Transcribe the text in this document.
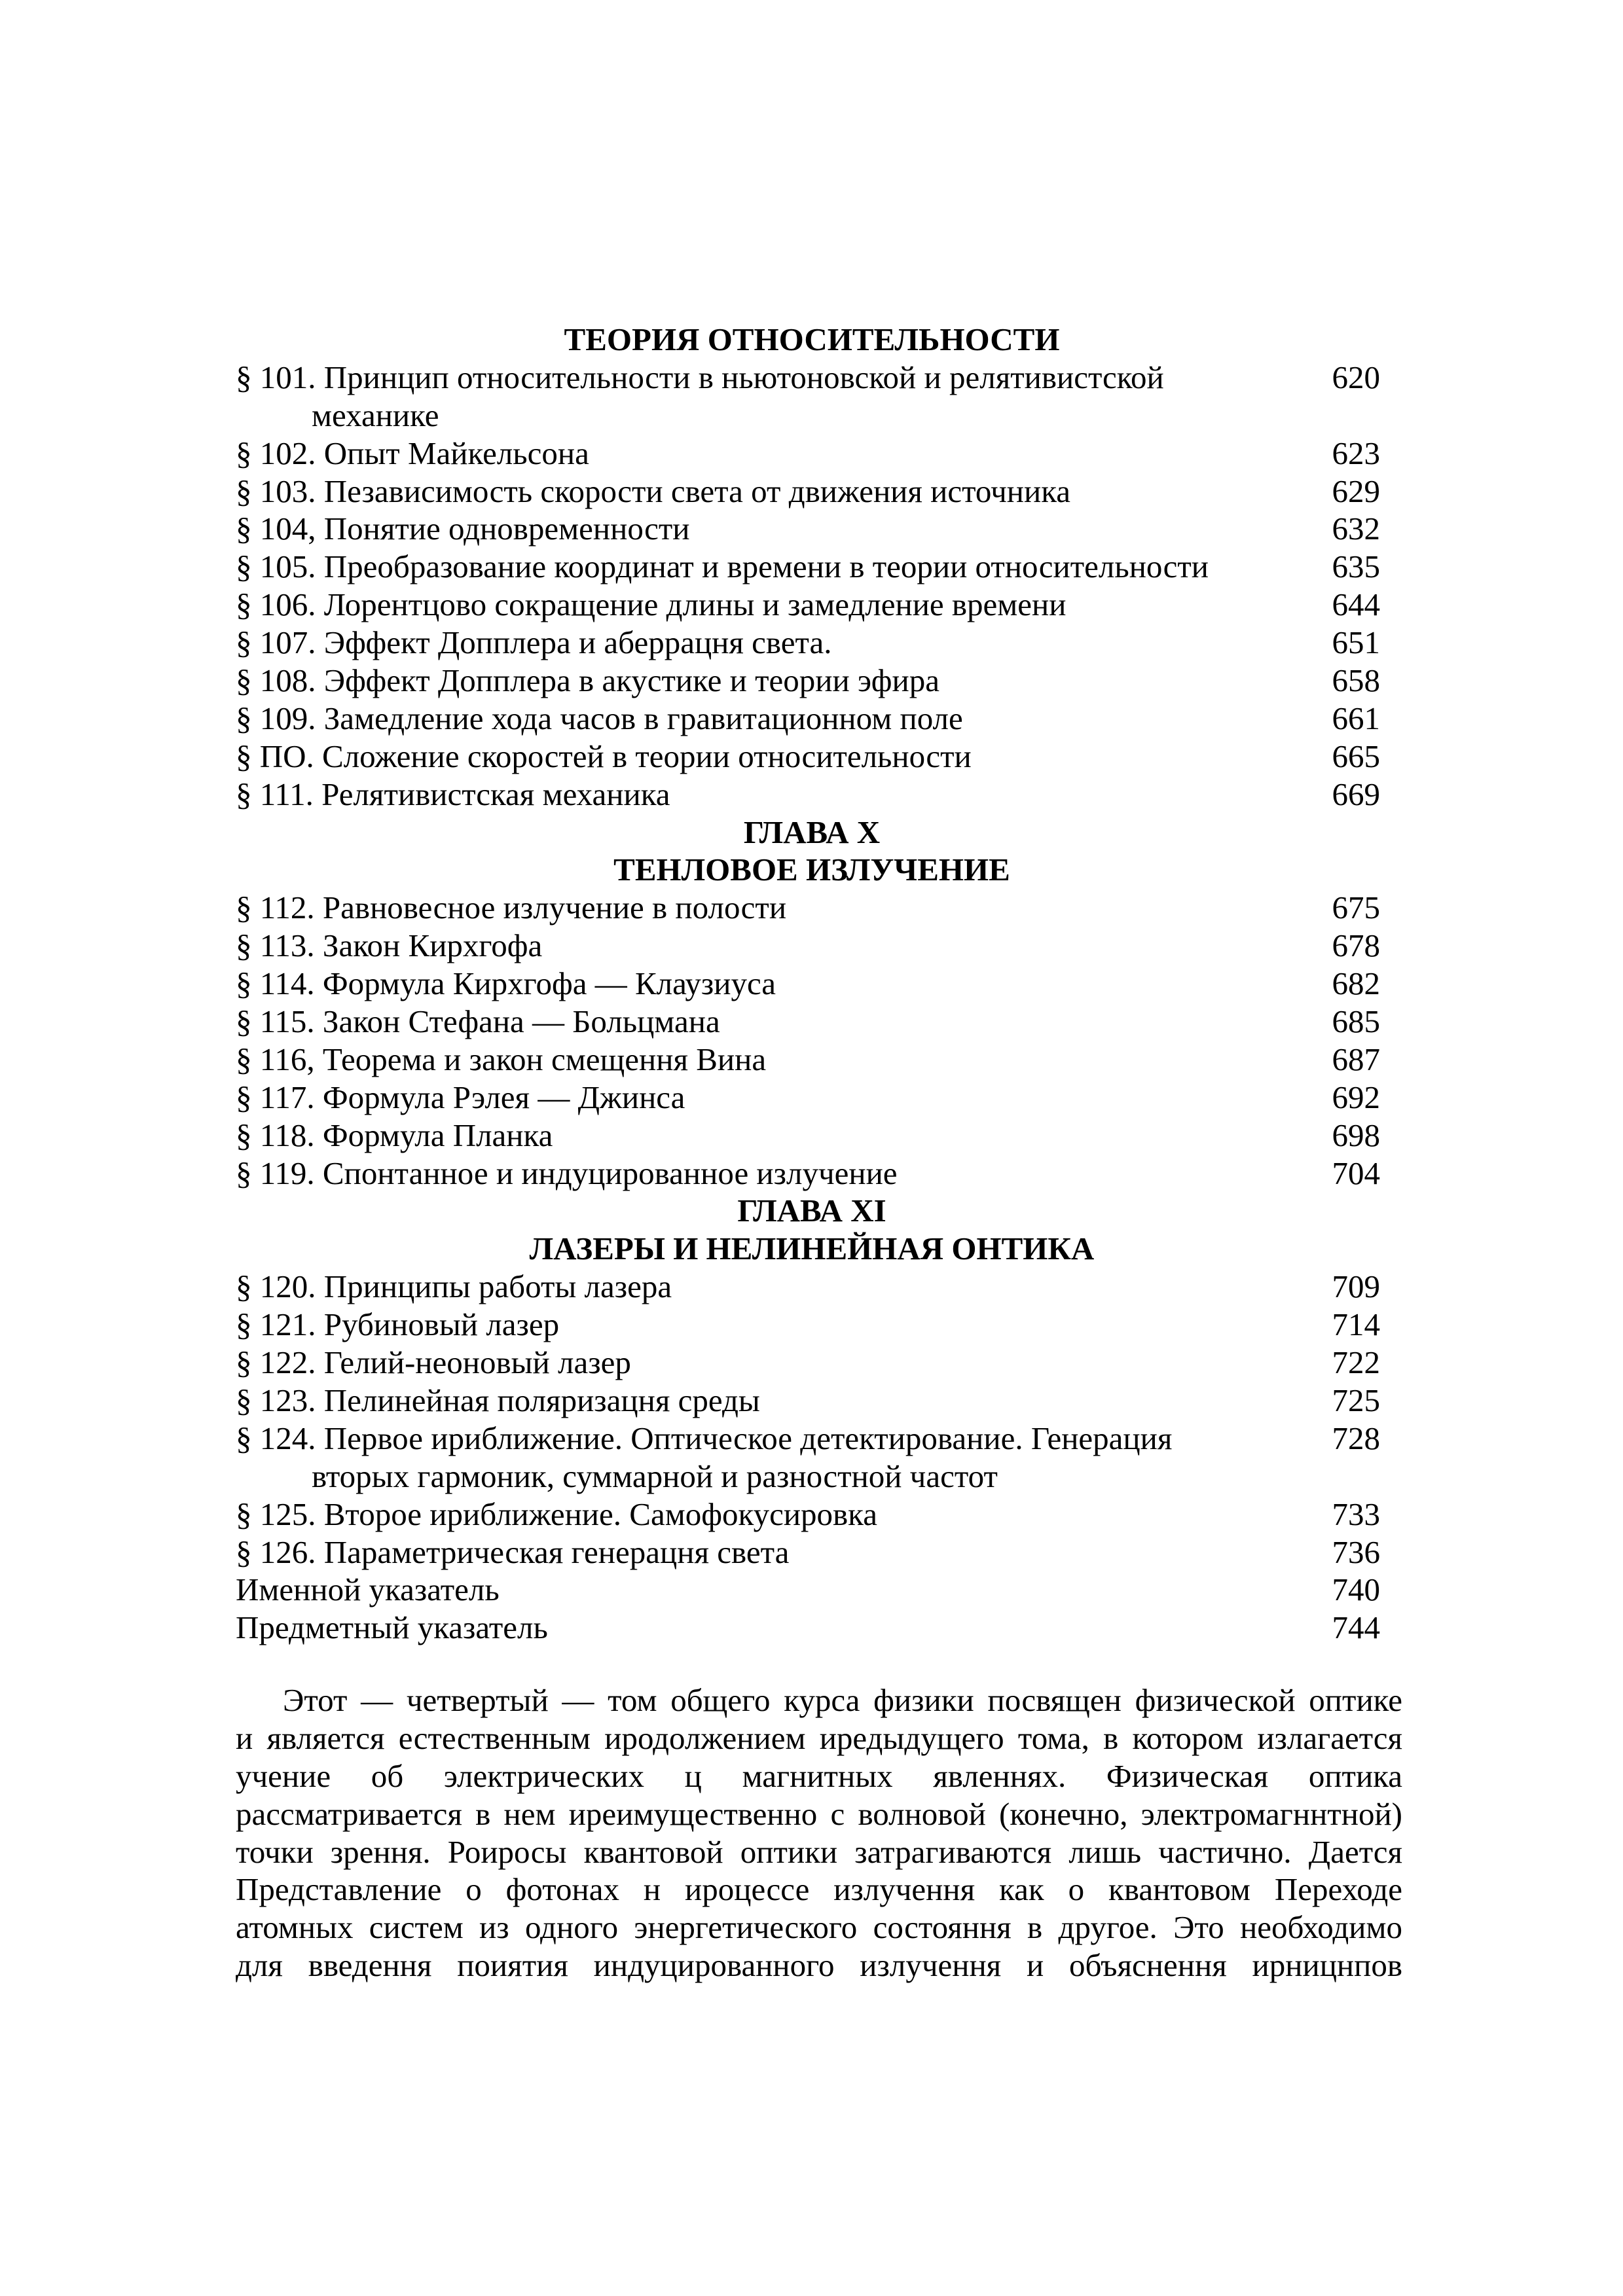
ТЕОРИЯ ОТНОСИТЕЛЬНОСТИ
§ 101. Принцип относительности в ньютоновской и релятивистской	620
механике
§ 102. Опыт Майкельсона	623
§ 103. Пезависимость скорости света от движения источника	629
§ 104, Понятие одновременности	632
§ 105. Преобразование координат и времени в теории относительности	635
§ 106. Лорентцово сокращение длины и замедление времени	644
§ 107. Эффект Допплера и аберрацня света.	651
§ 108. Эффект Допплера в акустике и теории эфира	658
§ 109. Замедление хода часов в гравитационном поле	661
§ ПО. Сложение скоростей в теории относительности	665
§ 111. Релятивистская механика	669
ГЛАВА X
ТЕНЛОВОЕ ИЗЛУЧЕНИЕ
§ 112. Равновесное излучение в полости	675
§ 113. Закон Кирхгофа	678
§ 114. Формула Кирхгофа — Клаузиуса	682
§ 115. Закон Стефана — Больцмана	685
§ 116, Теорема и закон смещення Вина	687
§ 117. Формула Рэлея — Джинса	692
§ 118. Формула Планка	698
§ 119. Спонтанное и индуцированное излучение	704
ГЛАВА XI
ЛАЗЕРЫ И НЕЛИНЕЙНАЯ ОНТИКА
§ 120. Принципы работы лазера	709
§ 121. Рубиновый лазер	714
§ 122. Гелий-неоновый лазер	722
§ 123. Пелинейная поляризацня среды	725
§ 124. Первое ириближение. Оптическое детектирование. Генерация	728
вторых гармоник, суммарной и разностной частот
§ 125. Второе ириближение. Самофокусировка	733
§ 126. Параметрическая генерацня света	736
Именной указатель	740
Предметный указатель	744
Этот — четвертый — том общего курса физики посвящен физической оптике
и является естественным иродолжением иредыдущего тома, в котором излагается
учение об электрических ц магнитных явленнях. Физическая оптика
рассматривается в нем иреимущественно с волновой (конечно, электромагннтной)
точки зрення. Роиросы квантовой оптики затрагиваются лишь частично. Дается
Представление о фотонах н ироцессе излучення как о квантовом Переходе
атомных систем из одного энергетического состояння в другое. Это необходимо
для введення поиятия индуцированного излучення и объяснення ирницнпов
